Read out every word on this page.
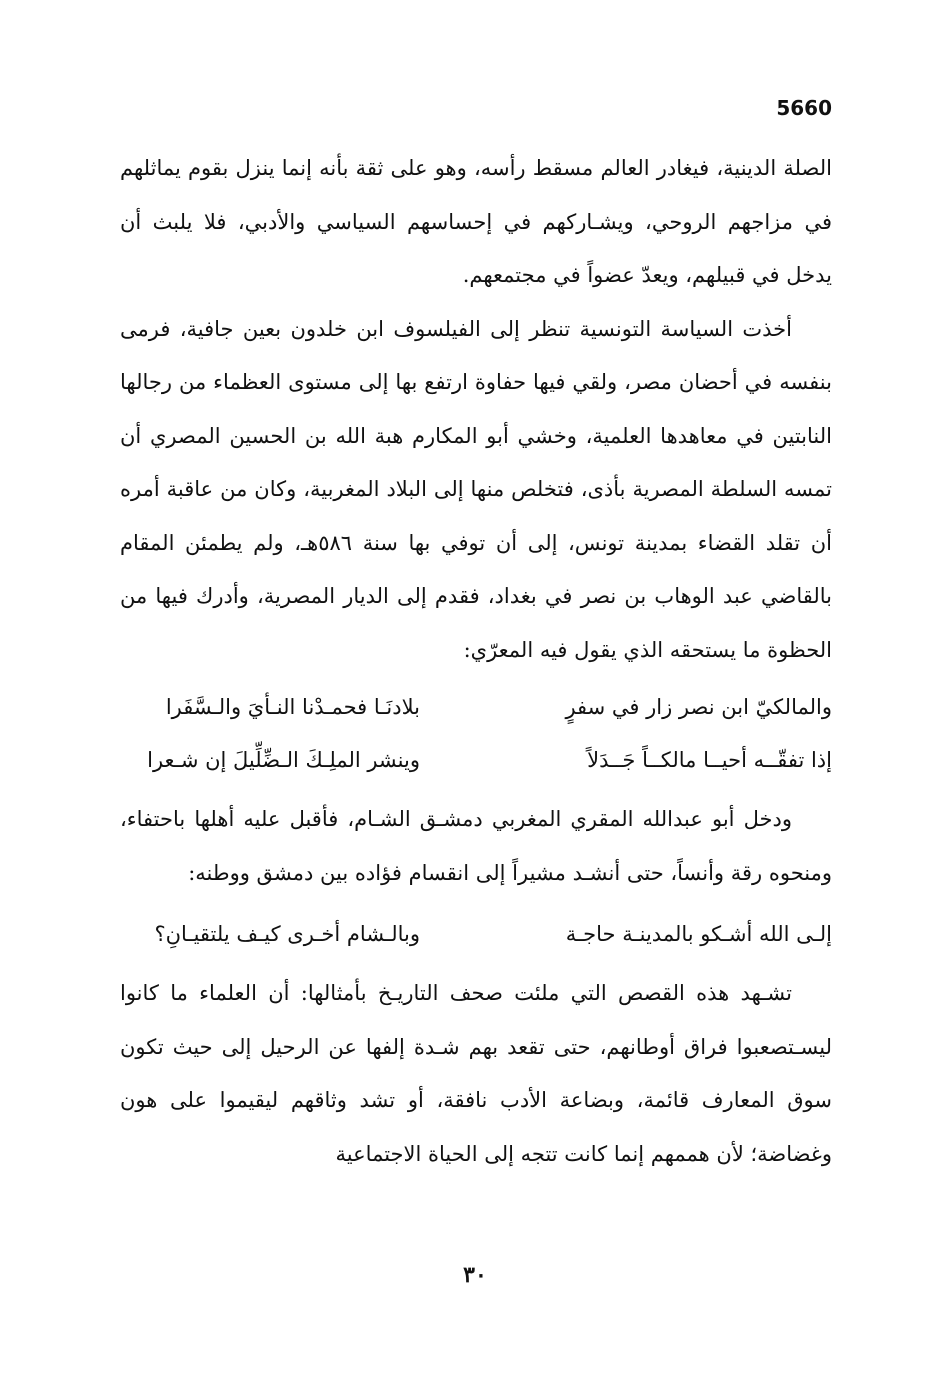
5660

الصلة الدينية، فيغادر العالم مسقط رأسه، وهو على ثقة بأنه إنما ينزل بقوم يماثلهم في مزاجهم الروحي، ويشـاركهم في إحساسهم السياسي والأدبي، فلا يلبث أن يدخل في قبيلهم، ويعدّ عضواً في مجتمعهم.

أخذت السياسة التونسية تنظر إلى الفيلسوف ابن خلدون بعين جافية، فرمى بنفسه في أحضان مصر، ولقي فيها حفاوة ارتفع بها إلى مستوى العظماء من رجالها النابتين في معاهدها العلمية، وخشي أبو المكارم هبة الله بن الحسين المصري أن تمسه السلطة المصرية بأذى، فتخلص منها إلى البلاد المغربية، وكان من عاقبة أمره أن تقلد القضاء بمدينة تونس، إلى أن توفي بها سنة ٥٨٦هـ، ولم يطمئن المقام بالقاضي عبد الوهاب بن نصر في بغداد، فقدم إلى الديار المصرية، وأدرك فيها من الحظوة ما يستحقه الذي يقول فيه المعرّي:

والمالكيّ ابن نصر زار في سفرٍ
بلادنَـا فحمـدْنا النـأيَ والـسَّفَرا
إذا تفقّــه أحيــا مالكــاً جَــدَلاً
وينشر الملِـكَ الـضِّلِّيلَ إن شـعرا

ودخل أبو عبدالله المقري المغربي دمشـق الشـام، فأقبل عليه أهلها باحتفاء، ومنحوه رقة وأنساً، حتى أنشـد مشيراً إلى انقسام فؤاده بين دمشق ووطنه:

إلـى الله أشـكو بالمدينـة حاجـة
وبالـشام أخـرى كيـف يلتقيـانِ؟

تشـهد هذه القصص التي ملئت صحف التاريـخ بأمثالها: أن العلماء ما كانوا ليسـتصعبوا فراق أوطانهم، حتى تقعد بهم شـدة إلفها عن الرحيل إلى حيث تكون سوق المعارف قائمة، وبضاعة الأدب نافقة، أو تشد وثاقهم ليقيموا على هون وغضاضة؛ لأن هممهم إنما كانت تتجه إلى الحياة الاجتماعية

٣٠
